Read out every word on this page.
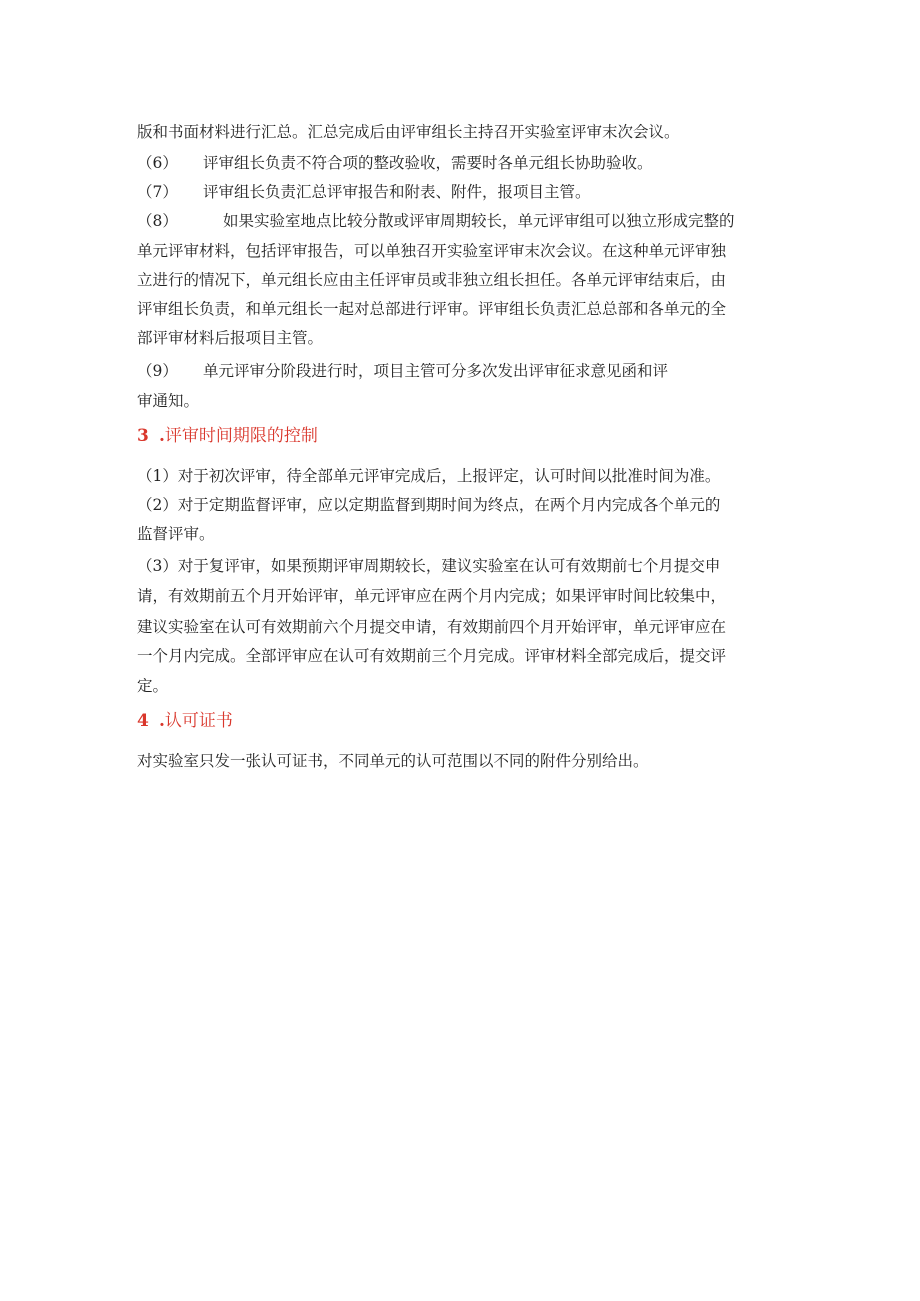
版和书面材料进行汇总。汇总完成后由评审组长主持召开实验室评审末次会议。
（6） 评审组长负责不符合项的整改验收，需要时各单元组长协助验收。
（7） 评审组长负责汇总评审报告和附表、附件，报项目主管。
（8）	如果实验室地点比较分散或评审周期较长，单元评审组可以独立形成完整的
单元评审材料，包括评审报告，可以单独召开实验室评审末次会议。在这种单元评审独
立进行的情况下，单元组长应由主任评审员或非独立组长担任。各单元评审结束后，由
评审组长负责，和单元组长一起对总部进行评审。评审组长负责汇总总部和各单元的全
部评审材料后报项目主管。
（9） 单元评审分阶段进行时，项目主管可分多次发出评审征求意见函和评
审通知。
3 .评审时间期限的控制
（1）对于初次评审，待全部单元评审完成后，上报评定，认可时间以批准时间为准。
（2）对于定期监督评审，应以定期监督到期时间为终点，在两个月内完成各个单元的
监督评审。
（3）对于复评审，如果预期评审周期较长，建议实验室在认可有效期前七个月提交申
请，有效期前五个月开始评审，单元评审应在两个月内完成；如果评审时间比较集中，
建议实验室在认可有效期前六个月提交申请，有效期前四个月开始评审，单元评审应在
一个月内完成。全部评审应在认可有效期前三个月完成。评审材料全部完成后，提交评
定。
4 .认可证书
对实验室只发一张认可证书，不同单元的认可范围以不同的附件分别给出。
